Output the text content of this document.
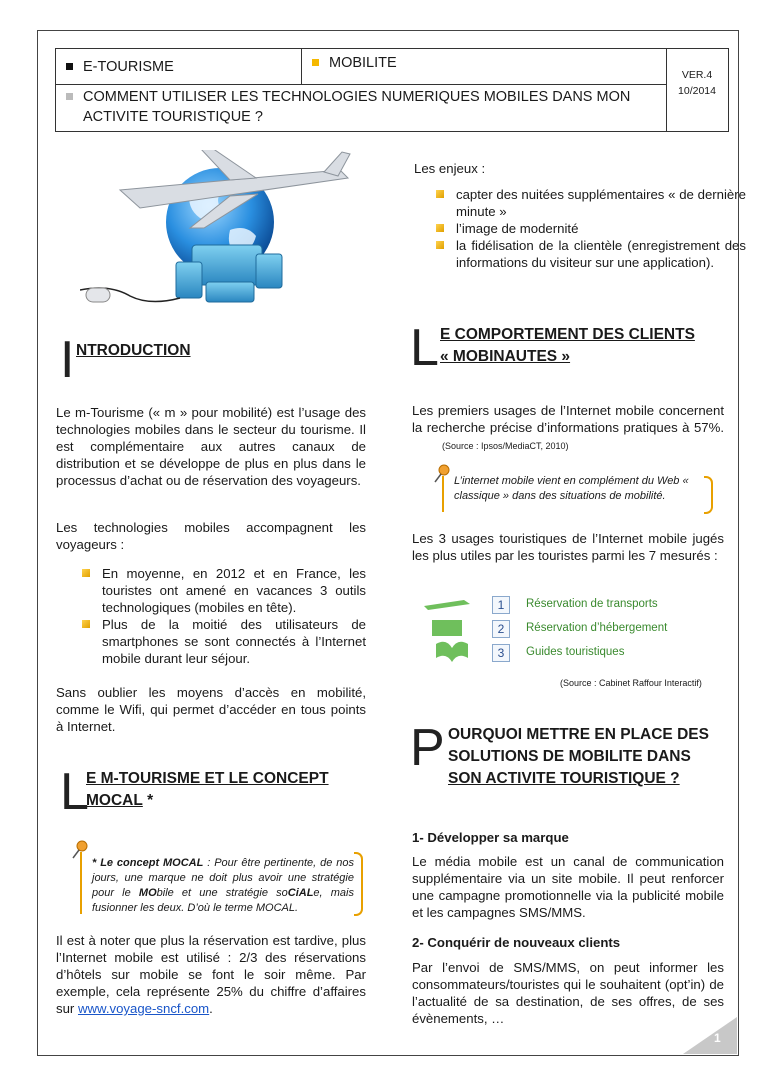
E-TOURISME	MOBILITE
COMMENT UTILISER LES TECHNOLOGIES NUMERIQUES MOBILES DANS MON ACTIVITE TOURISTIQUE ?
VER.4
10/2014
Les enjeux :
capter des nuitées supplémentaires « de dernière minute »
l’image de modernité
la fidélisation de la clientèle (enregistrement des informations du visiteur sur une application).
I NTRODUCTION
Le m-Tourisme (« m » pour mobilité) est l’usage des technologies mobiles dans le secteur du tourisme. Il est complémentaire aux autres canaux de distribution et se développe de plus en plus dans le processus d’achat ou de réservation des voyageurs.
Les technologies mobiles accompagnent les voyageurs :
En moyenne, en 2012 et en France, les touristes ont amené en vacances 3 outils technologiques (mobiles en tête).
Plus de la moitié des utilisateurs de smartphones se sont connectés à l’Internet mobile durant leur séjour.
Sans oublier les moyens d’accès en mobilité, comme le Wifi, qui permet d’accéder en tous points à Internet.
L
E M-TOURISME ET LE CONCEPT
MOCAL *
* Le concept MOCAL : Pour être pertinente, de nos jours, une marque ne doit plus avoir une stratégie pour le MObile et une stratégie soCiALe, mais fusionner les deux. D’où le terme MOCAL.
Il est à noter que plus la réservation est tardive, plus l’Internet mobile est utilisé : 2/3 des réservations d’hôtels sur mobile se font le soir même. Par exemple, cela représente 25% du chiffre d’affaires sur www.voyage-sncf.com.
L E COMPORTEMENT DES CLIENTS
« MOBINAUTES »
Les premiers usages de l’Internet mobile concernent la recherche précise d’informations pratiques à 57%.(Source : Ipsos/MediaCT, 2010)
L’internet mobile vient en complément du Web « classique » dans des situations de mobilité.
Les 3 usages touristiques de l’Internet mobile jugés les plus utiles par les touristes parmi les 7 mesurés :
1	Réservation de transports
2	Réservation d’hébergement
3	Guides touristiques
(Source : Cabinet Raffour Interactif)
P OURQUOI METTRE EN PLACE DES
SOLUTIONS DE MOBILITE DANS
SON ACTIVITE TOURISTIQUE ?
1- Développer sa marque
Le média mobile est un canal de communication supplémentaire via un site mobile. Il peut renforcer une campagne promotionnelle via la publicité mobile et les campagnes SMS/MMS.
2- Conquérir de nouveaux clients
Par l’envoi de SMS/MMS, on peut informer les consommateurs/touristes qui le souhaitent (opt’in) de l’actualité de sa destination, de ses offres, de ses évènements, …
1
